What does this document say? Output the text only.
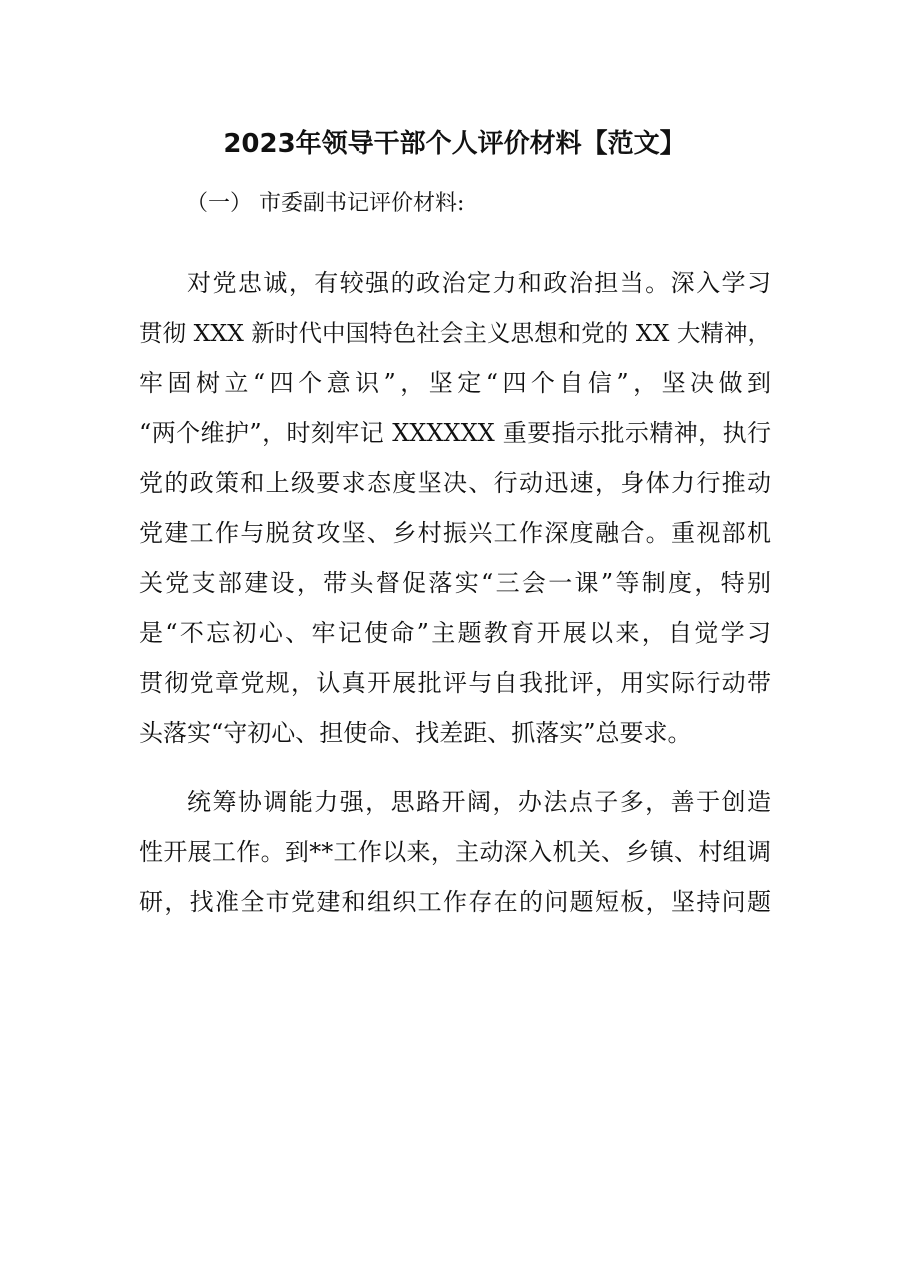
2023年领导干部个人评价材料【范文】
（一） 市委副书记评价材料:
对党忠诚，有较强的政治定力和政治担当。深入学习
贯彻 XXX 新时代中国特色社会主义思想和党的 XX 大精神，
牢固树立“四个意识”，坚定“四个自信”，坚决做到
“两个维护”，时刻牢记 XXXXXX 重要指示批示精神，执行
党的政策和上级要求态度坚决、行动迅速，身体力行推动
党建工作与脱贫攻坚、乡村振兴工作深度融合。重视部机
关党支部建设，带头督促落实“三会一课”等制度，特别
是“不忘初心、牢记使命”主题教育开展以来，自觉学习
贯彻党章党规，认真开展批评与自我批评，用实际行动带
头落实“守初心、担使命、找差距、抓落实”总要求。
统筹协调能力强，思路开阔，办法点子多，善于创造
性开展工作。到**工作以来，主动深入机关、乡镇、村组调
研，找准全市党建和组织工作存在的问题短板，坚持问题
